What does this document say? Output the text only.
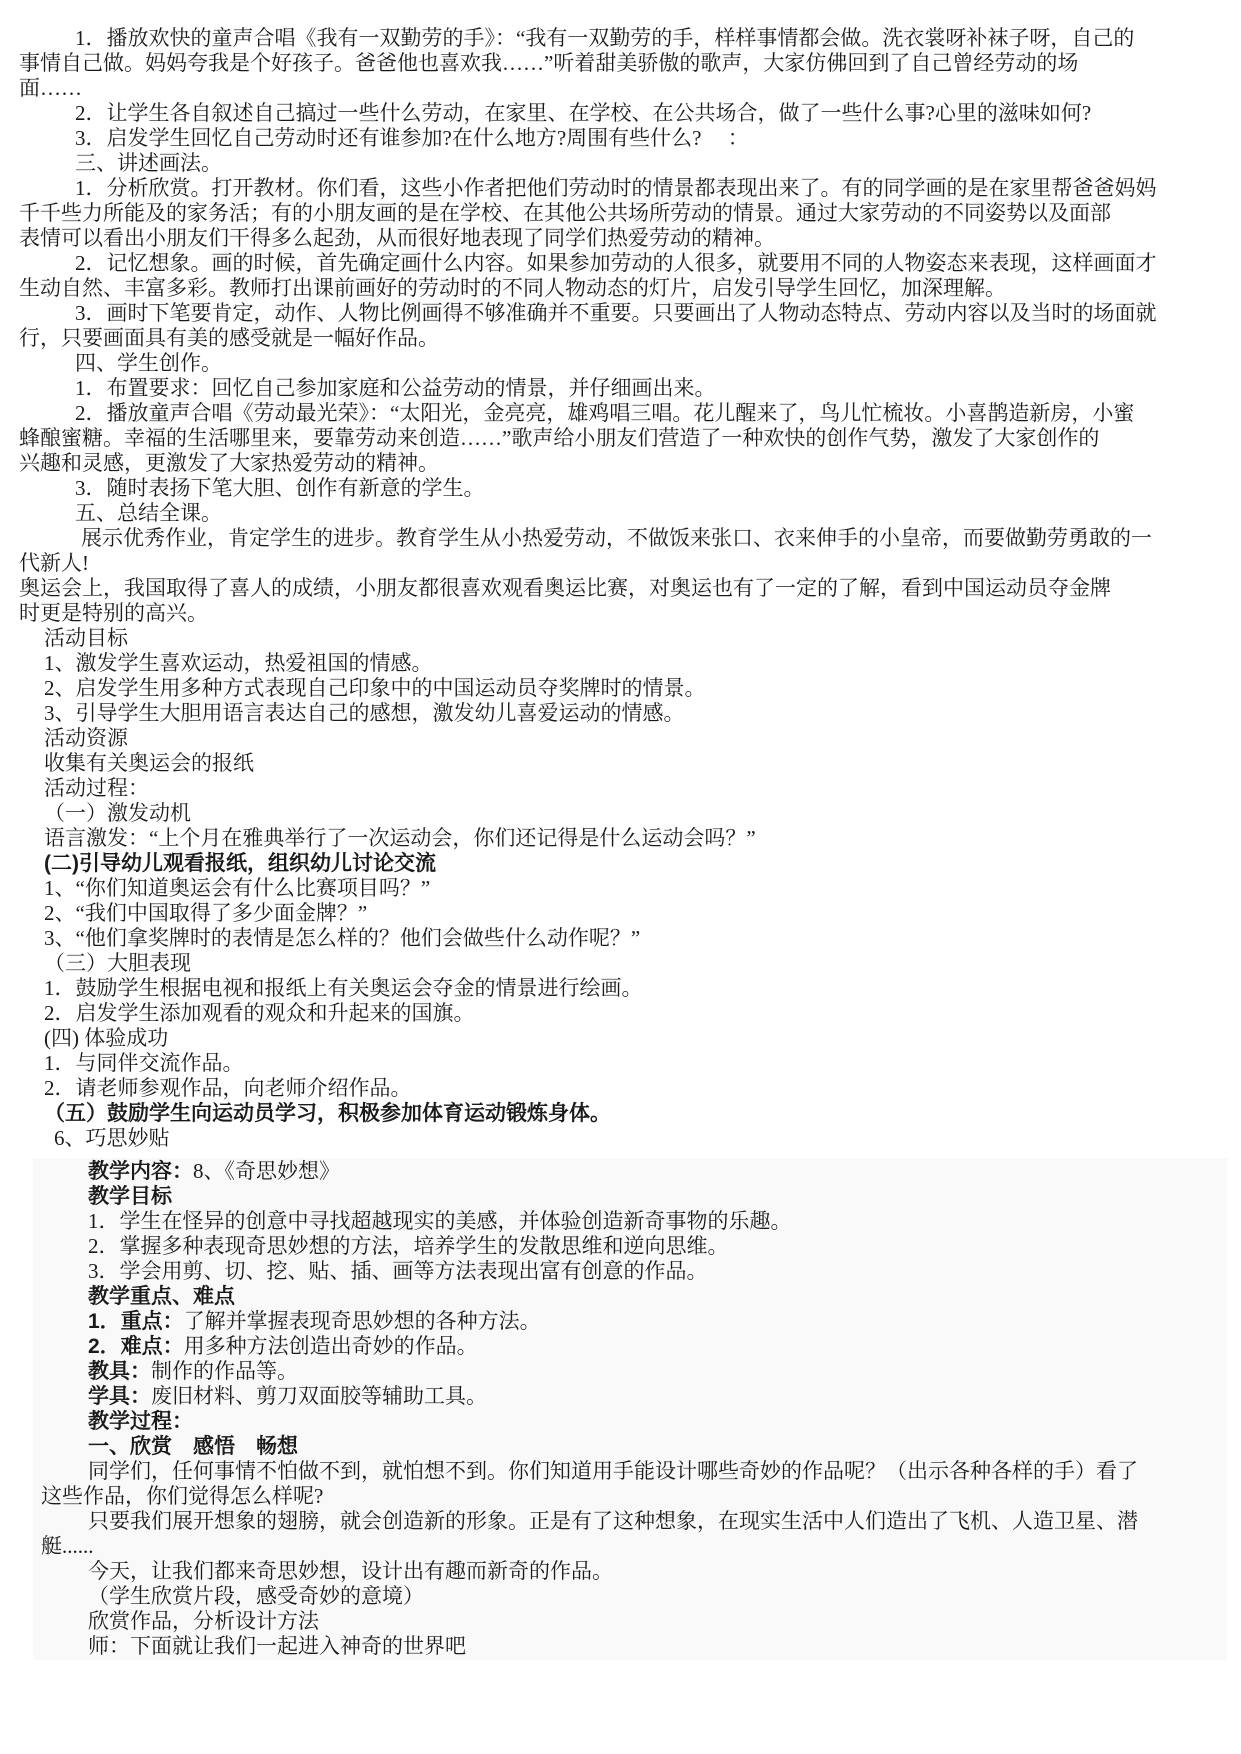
1．播放欢快的童声合唱《我有一双勤劳的手》：“我有一双勤劳的手，样样事情都会做。洗衣裳呀补袜子呀，自己的
事情自己做。妈妈夸我是个好孩子。爸爸他也喜欢我……”听着甜美骄傲的歌声，大家仿佛回到了自己曾经劳动的场
面……
2．让学生各自叙述自己搞过一些什么劳动，在家里、在学校、在公共场合，做了一些什么事?心里的滋味如何?
3．启发学生回忆自己劳动时还有谁参加?在什么地方?周围有些什么?　 ：
三、讲述画法。
1．分析欣赏。打开教材。你们看，这些小作者把他们劳动时的情景都表现出来了。有的同学画的是在家里帮爸爸妈妈
千千些力所能及的家务活；有的小朋友画的是在学校、在其他公共场所劳动的情景。通过大家劳动的不同姿势以及面部
表情可以看出小朋友们干得多么起劲，从而很好地表现了同学们热爱劳动的精神。
2．记忆想象。画的时候，首先确定画什么内容。如果参加劳动的人很多，就要用不同的人物姿态来表现，这样画面才
生动自然、丰富多彩。教师打出课前画好的劳动时的不同人物动态的灯片，启发引导学生回忆，加深理解。
3．画时下笔要肯定，动作、人物比例画得不够准确并不重要。只要画出了人物动态特点、劳动内容以及当时的场面就
行，只要画面具有美的感受就是一幅好作品。
四、学生创作。
1．布置要求：回忆自己参加家庭和公益劳动的情景，并仔细画出来。
2．播放童声合唱《劳动最光荣》：“太阳光，金亮亮，雄鸡唱三唱。花儿醒来了，鸟儿忙梳妆。小喜鹊造新房，小蜜
蜂酿蜜糖。幸福的生活哪里来，要靠劳动来创造……”歌声给小朋友们营造了一种欢快的创作气势，激发了大家创作的
兴趣和灵感，更激发了大家热爱劳动的精神。
3．随时表扬下笔大胆、创作有新意的学生。
五、总结全课。
展示优秀作业，肯定学生的进步。教育学生从小热爱劳动，不做饭来张口、衣来伸手的小皇帝，而要做勤劳勇敢的一
代新人!
奥运会上，我国取得了喜人的成绩，小朋友都很喜欢观看奥运比赛，对奥运也有了一定的了解，看到中国运动员夺金牌
时更是特别的高兴。
活动目标
1、激发学生喜欢运动，热爱祖国的情感。
2、启发学生用多种方式表现自己印象中的中国运动员夺奖牌时的情景。
3、引导学生大胆用语言表达自己的感想，激发幼儿喜爱运动的情感。
活动资源
收集有关奥运会的报纸
活动过程：
（一）激发动机
语言激发：“上个月在雅典举行了一次运动会，你们还记得是什么运动会吗？”
(二)引导幼儿观看报纸，组织幼儿讨论交流
1、“你们知道奥运会有什么比赛项目吗？”
2、“我们中国取得了多少面金牌？”
3、“他们拿奖牌时的表情是怎么样的？他们会做些什么动作呢？”
（三）大胆表现
1．鼓励学生根据电视和报纸上有关奥运会夺金的情景进行绘画。
2．启发学生添加观看的观众和升起来的国旗。
(四) 体验成功
1．与同伴交流作品。
2．请老师参观作品，向老师介绍作品。
（五）鼓励学生向运动员学习，积极参加体育运动锻炼身体。
6、巧思妙贴
教学内容：8、《奇思妙想》
教学目标
1．学生在怪异的创意中寻找超越现实的美感，并体验创造新奇事物的乐趣。
2．掌握多种表现奇思妙想的方法，培养学生的发散思维和逆向思维。
3．学会用剪、切、挖、贴、插、画等方法表现出富有创意的作品。
教学重点、难点
1．重点：了解并掌握表现奇思妙想的各种方法。
2．难点：用多种方法创造出奇妙的作品。
教具：制作的作品等。
学具：废旧材料、剪刀双面胶等辅助工具。
教学过程：
一、欣赏　感悟　畅想
同学们，任何事情不怕做不到，就怕想不到。你们知道用手能设计哪些奇妙的作品呢？（出示各种各样的手）看了
这些作品，你们觉得怎么样呢?
只要我们展开想象的翅膀，就会创造新的形象。正是有了这种想象，在现实生活中人们造出了飞机、人造卫星、潜
艇......
今天，让我们都来奇思妙想，设计出有趣而新奇的作品。
（学生欣赏片段，感受奇妙的意境）
欣赏作品，分析设计方法
师：下面就让我们一起进入神奇的世界吧
